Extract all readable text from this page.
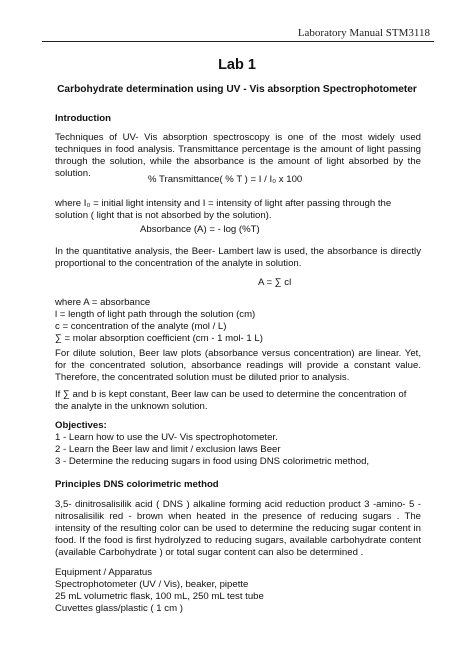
Laboratory Manual STM3118
Lab 1
Carbohydrate determination using UV - Vis absorption Spectrophotometer
Introduction
Techniques of UV- Vis absorption spectroscopy is one of the most widely used techniques in food analysis. Transmittance percentage is the amount of light passing through the solution, while the absorbance is the amount of light absorbed by the solution.
% Transmittance( % T ) = I / I₀ x 100
where I₀ = initial light intensity and I = intensity of light after passing through the solution ( light that is not absorbed by the solution).
Absorbance (A) = - log (%T)
In the quantitative analysis, the Beer- Lambert law is used, the absorbance is directly proportional to the concentration of the analyte in solution.
A = ∑ cl
where A = absorbance
l = length of light path through the solution (cm)
c = concentration of the analyte (mol / L)
∑ = molar absorption coefficient (cm - 1 mol- 1 L)
For dilute solution, Beer law plots (absorbance versus concentration) are linear. Yet, for the concentrated solution, absorbance readings will provide a constant value. Therefore, the concentrated solution must be diluted prior to analysis.
If ∑ and b is kept constant, Beer law can be used to determine the concentration of the analyte in the unknown solution.
Objectives:
1 - Learn how to use the UV- Vis spectrophotometer.
2 - Learn the Beer law and limit / exclusion laws Beer
3 - Determine the reducing sugars in food using DNS colorimetric method,
Principles DNS colorimetric method
3,5- dinitrosalisilik acid ( DNS ) alkaline forming acid reduction product 3 -amino- 5 -nitrosalisilik red - brown when heated in the presence of reducing sugars . The intensity of the resulting color can be used to determine the reducing sugar content in food. If the food is first hydrolyzed to reducing sugars, available carbohydrate content (available Carbohydrate ) or total sugar content can also be determined .
Equipment / Apparatus
Spectrophotometer (UV / Vis), beaker, pipette
25 mL volumetric flask, 100 mL, 250 mL test tube
Cuvettes glass/plastic ( 1 cm )
